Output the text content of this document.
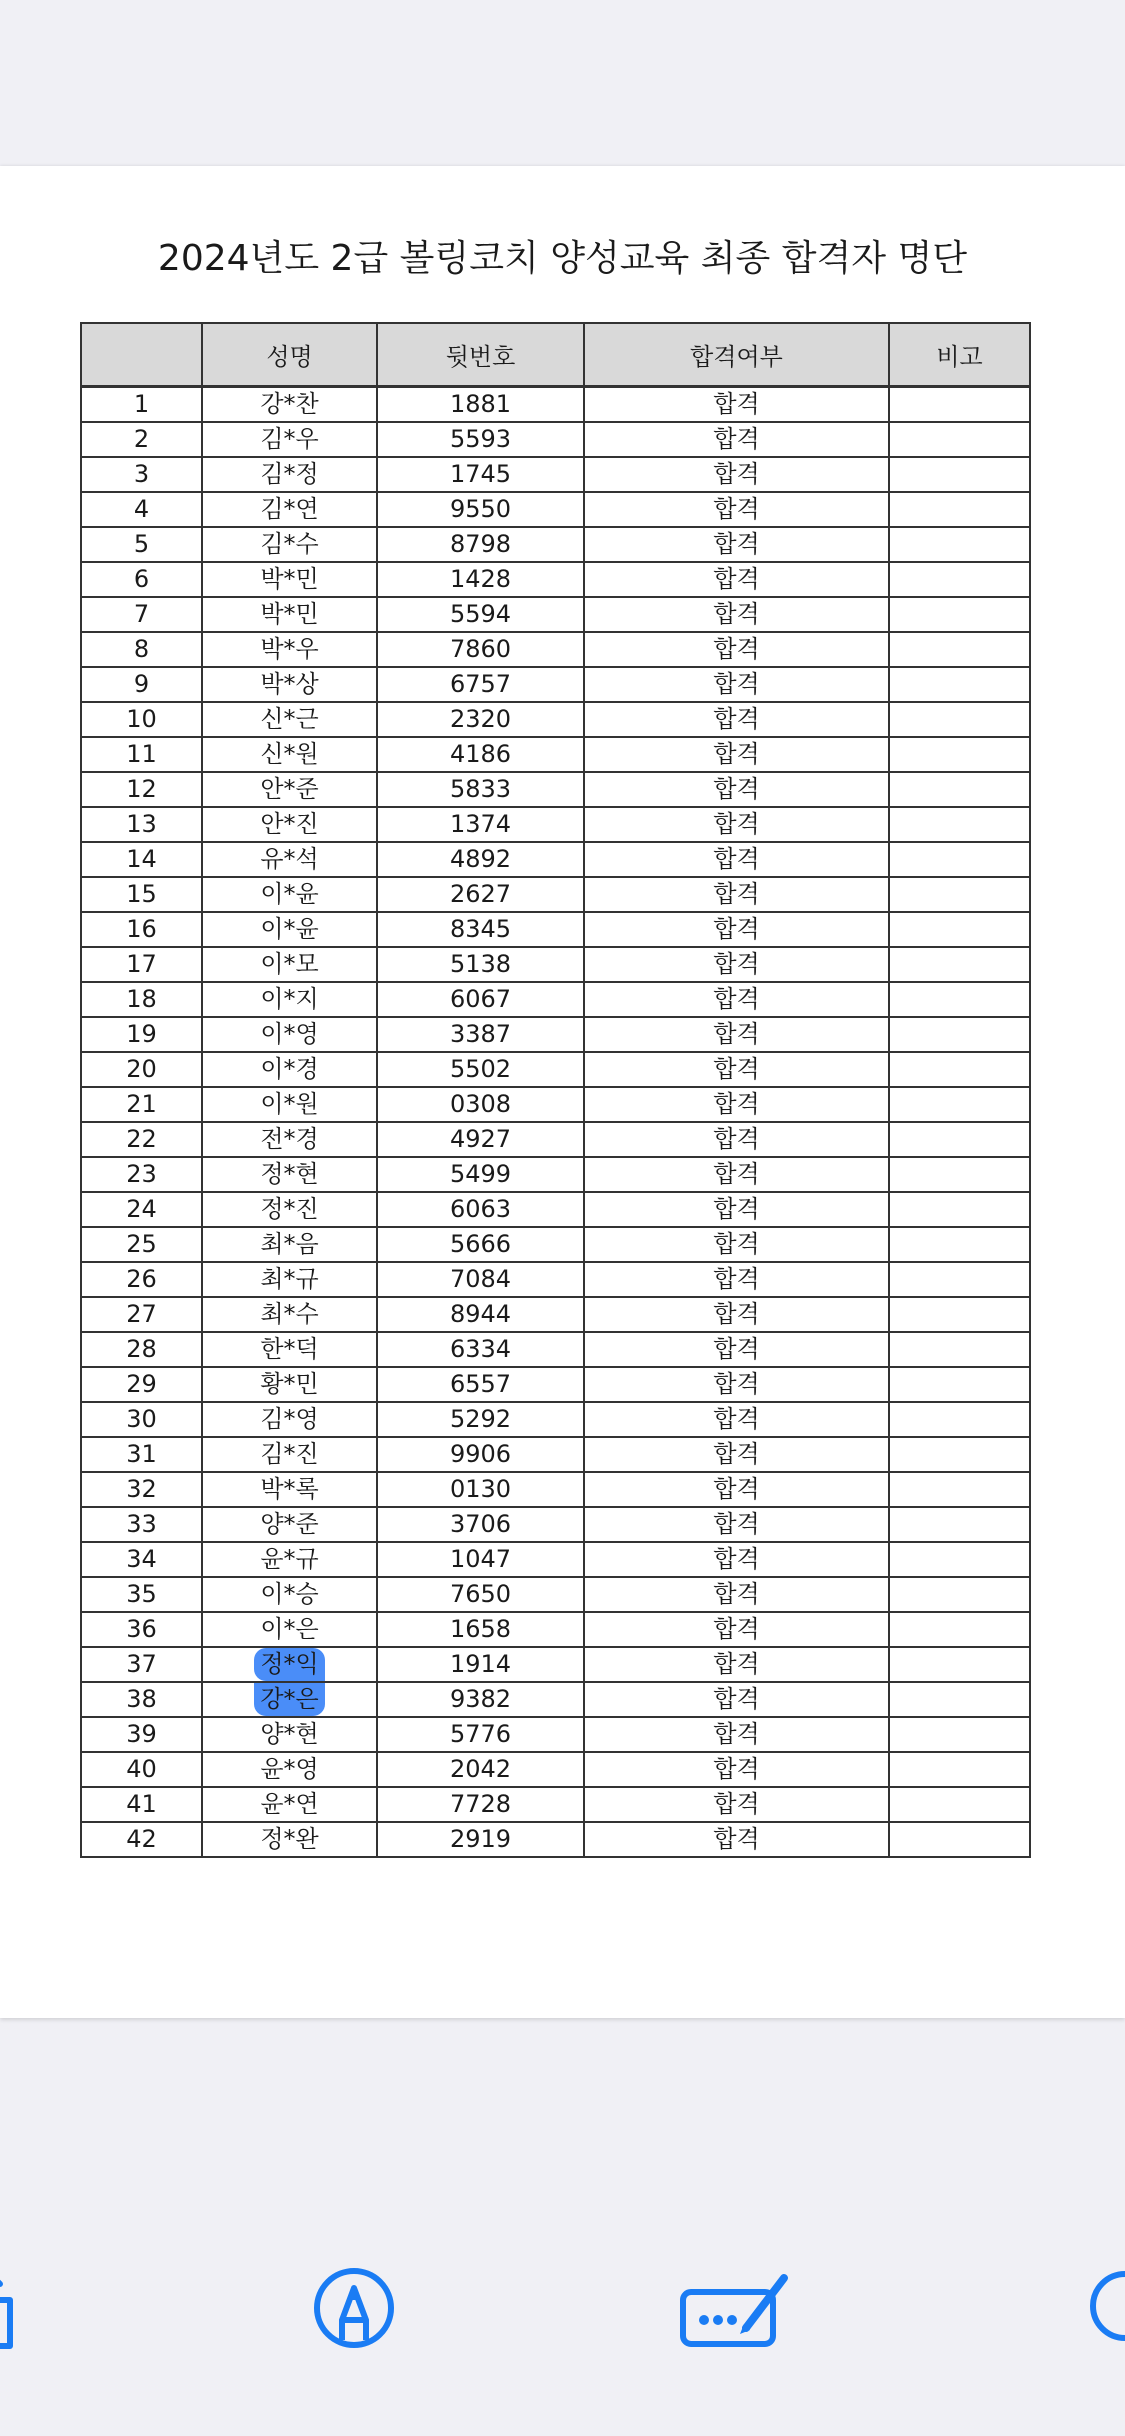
2024년도 2급 볼링코치 양성교육 최종 합격자 명단
	성명	뒷번호	합격여부	비고
1	강*찬	1881	합격	
2	김*우	5593	합격	
3	김*정	1745	합격	
4	김*연	9550	합격	
5	김*수	8798	합격	
6	박*민	1428	합격	
7	박*민	5594	합격	
8	박*우	7860	합격	
9	박*상	6757	합격	
10	신*근	2320	합격	
11	신*원	4186	합격	
12	안*준	5833	합격	
13	안*진	1374	합격	
14	유*석	4892	합격	
15	이*윤	2627	합격	
16	이*윤	8345	합격	
17	이*모	5138	합격	
18	이*지	6067	합격	
19	이*영	3387	합격	
20	이*경	5502	합격	
21	이*원	0308	합격	
22	전*경	4927	합격	
23	정*현	5499	합격	
24	정*진	6063	합격	
25	최*음	5666	합격	
26	최*규	7084	합격	
27	최*수	8944	합격	
28	한*덕	6334	합격	
29	황*민	6557	합격	
30	김*영	5292	합격	
31	김*진	9906	합격	
32	박*록	0130	합격	
33	양*준	3706	합격	
34	윤*규	1047	합격	
35	이*승	7650	합격	
36	이*은	1658	합격	
37	정*익	1914	합격	
38	강*은	9382	합격	
39	양*현	5776	합격	
40	윤*영	2042	합격	
41	윤*연	7728	합격	
42	정*완	2919	합격	
